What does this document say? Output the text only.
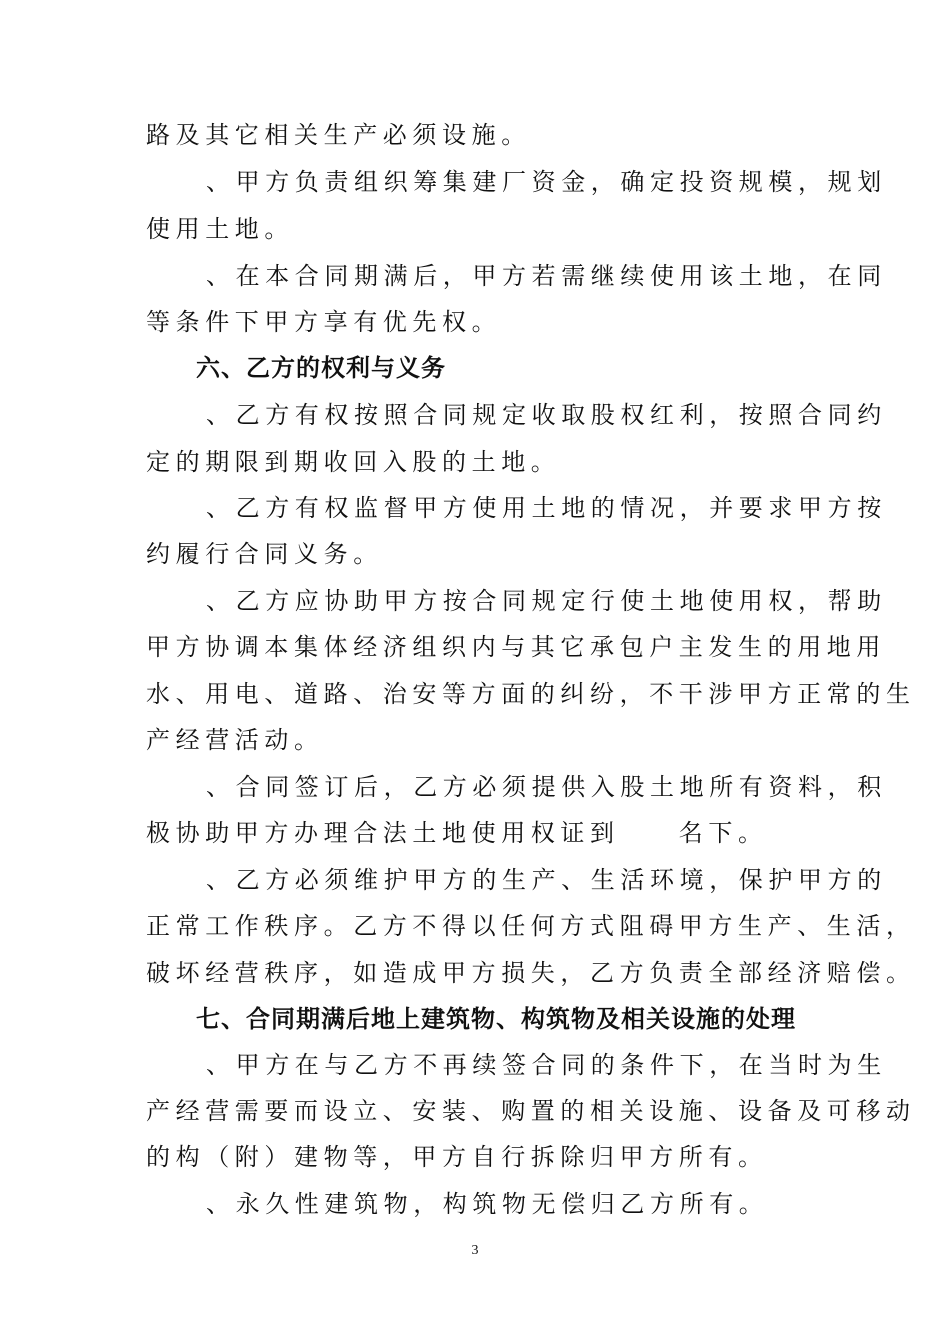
路及其它相关生产必须设施。

、甲方负责组织筹集建厂资金，确定投资规模，规划

使用土地。

、在本合同期满后，甲方若需继续使用该土地，在同

等条件下甲方享有优先权。

六、乙方的权利与义务

、乙方有权按照合同规定收取股权红利，按照合同约

定的期限到期收回入股的土地。

、乙方有权监督甲方使用土地的情况，并要求甲方按

约履行合同义务。

、乙方应协助甲方按合同规定行使土地使用权，帮助

甲方协调本集体经济组织内与其它承包户主发生的用地用

水、用电、道路、治安等方面的纠纷，不干涉甲方正常的生

产经营活动。

、合同签订后，乙方必须提供入股土地所有资料，积

极协助甲方办理合法土地使用权证到　　名下。

、乙方必须维护甲方的生产、生活环境，保护甲方的

正常工作秩序。乙方不得以任何方式阻碍甲方生产、生活，

破坏经营秩序，如造成甲方损失，乙方负责全部经济赔偿。

七、合同期满后地上建筑物、构筑物及相关设施的处理

、甲方在与乙方不再续签合同的条件下，在当时为生

产经营需要而设立、安装、购置的相关设施、设备及可移动

的构（附）建物等，甲方自行拆除归甲方所有。

、永久性建筑物，构筑物无偿归乙方所有。

3
